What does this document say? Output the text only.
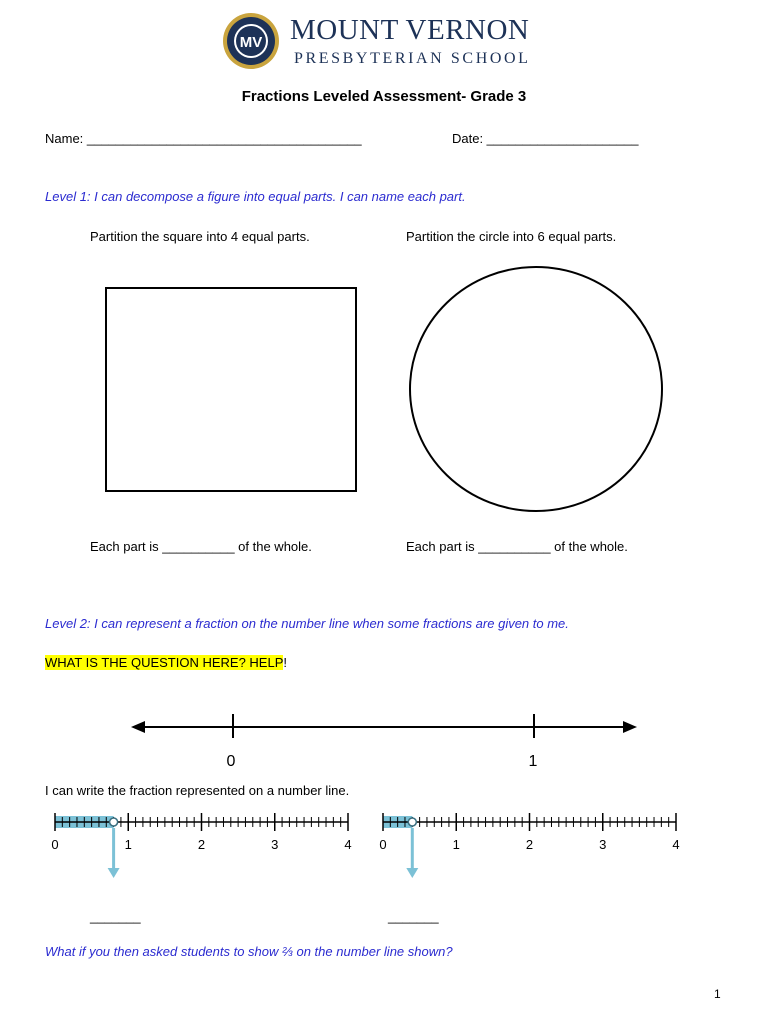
MV MOUNT VERNON
PRESBYTERIAN SCHOOL
Fractions Leveled Assessment- Grade 3
Name: ______________________________________	Date: _____________________
Level 1: I can decompose a figure into equal parts. I can name each part.
Partition the square into 4 equal parts.	Partition the circle into 6 equal parts.
Each part is __________ of the whole.	Each part is __________ of the whole.
Level 2: I can represent a fraction on the number line when some fractions are given to me.
WHAT IS THE QUESTION HERE? HELP!
0	1
I can write the fraction represented on a number line.
0	1	2	3	4 0	1	2	3	4
_______	_______
What if you then asked students to show ⅔ on the number line shown?
1
